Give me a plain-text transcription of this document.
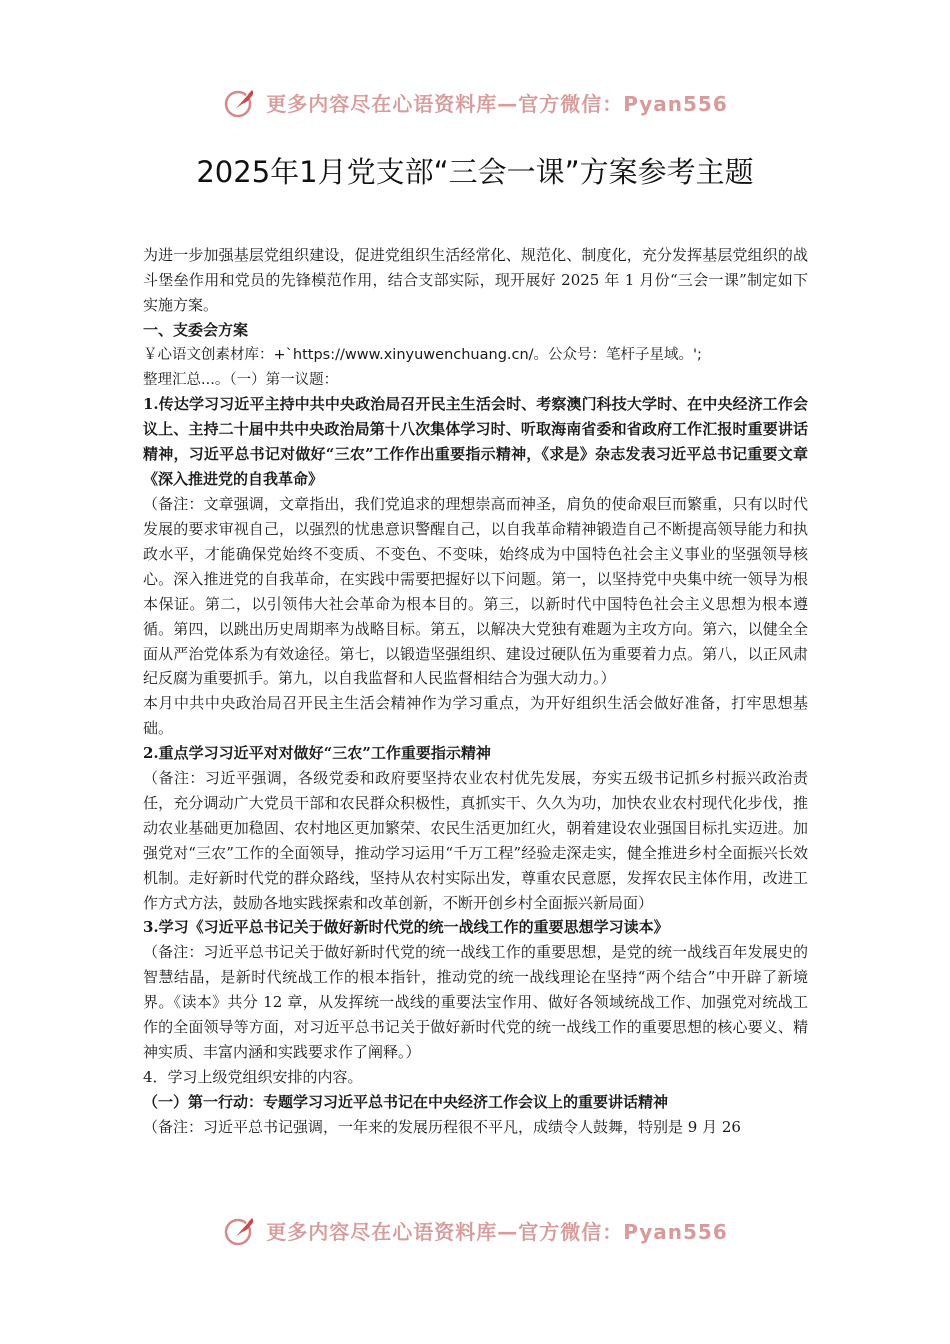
更多内容尽在心语资料库—官方微信：Pyan556
2025年1月党支部“三会一课”方案参考主题

为进一步加强基层党组织建设，促进党组织生活经常化、规范化、制度化，充分发挥基层党组织的战斗堡垒作用和党员的先锋模范作用，结合支部实际，现开展好 2025 年 1 月份“三会一课”制定如下实施方案。

一、支委会方案

￥心语文创素材库：+`https://www.xinyuwenchuang.cn/。公众号：笔杆子星域。';

整理汇总...。（一）第一议题：

1.传达学习习近平主持中共中央政治局召开民主生活会时、考察澳门科技大学时、在中央经济工作会议上、主持二十届中共中央政治局第十八次集体学习时、听取海南省委和省政府工作汇报时重要讲话精神，习近平总书记对做好“三农”工作作出重要指示精神，《求是》杂志发表习近平总书记重要文章《深入推进党的自我革命》

（备注：文章强调，文章指出，我们党追求的理想崇高而神圣，肩负的使命艰巨而繁重，只有以时代发展的要求审视自己，以强烈的忧患意识警醒自己，以自我革命精神锻造自己不断提高领导能力和执政水平，才能确保党始终不变质、不变色、不变味，始终成为中国特色社会主义事业的坚强领导核心。深入推进党的自我革命，在实践中需要把握好以下问题。第一，以坚持党中央集中统一领导为根本保证。第二，以引领伟大社会革命为根本目的。第三，以新时代中国特色社会主义思想为根本遵循。第四，以跳出历史周期率为战略目标。第五，以解决大党独有难题为主攻方向。第六，以健全全面从严治党体系为有效途径。第七，以锻造坚强组织、建设过硬队伍为重要着力点。第八，以正风肃纪反腐为重要抓手。第九，以自我监督和人民监督相结合为强大动力。）

本月中共中央政治局召开民主生活会精神作为学习重点，为开好组织生活会做好准备，打牢思想基础。

2.重点学习习近平对对做好“三农”工作重要指示精神

（备注：习近平强调，各级党委和政府要坚持农业农村优先发展，夯实五级书记抓乡村振兴政治责任，充分调动广大党员干部和农民群众积极性，真抓实干、久久为功，加快农业农村现代化步伐，推动农业基础更加稳固、农村地区更加繁荣、农民生活更加红火，朝着建设农业强国目标扎实迈进。加强党对“三农”工作的全面领导，推动学习运用“千万工程”经验走深走实，健全推进乡村全面振兴长效机制。走好新时代党的群众路线，坚持从农村实际出发，尊重农民意愿，发挥农民主体作用，改进工作方式方法，鼓励各地实践探索和改革创新，不断开创乡村全面振兴新局面）

3.学习《习近平总书记关于做好新时代党的统一战线工作的重要思想学习读本》

（备注：习近平总书记关于做好新时代党的统一战线工作的重要思想，是党的统一战线百年发展史的智慧结晶，是新时代统战工作的根本指针，推动党的统一战线理论在坚持“两个结合”中开辟了新境界。《读本》共分 12 章，从发挥统一战线的重要法宝作用、做好各领域统战工作、加强党对统战工作的全面领导等方面，对习近平总书记关于做好新时代党的统一战线工作的重要思想的核心要义、精神实质、丰富内涵和实践要求作了阐释。）

4．学习上级党组织安排的内容。

（一）第一行动：专题学习习近平总书记在中央经济工作会议上的重要讲话精神

（备注：习近平总书记强调，一年来的发展历程很不平凡，成绩令人鼓舞，特别是 9 月 26

更多内容尽在心语资料库—官方微信：Pyan556
